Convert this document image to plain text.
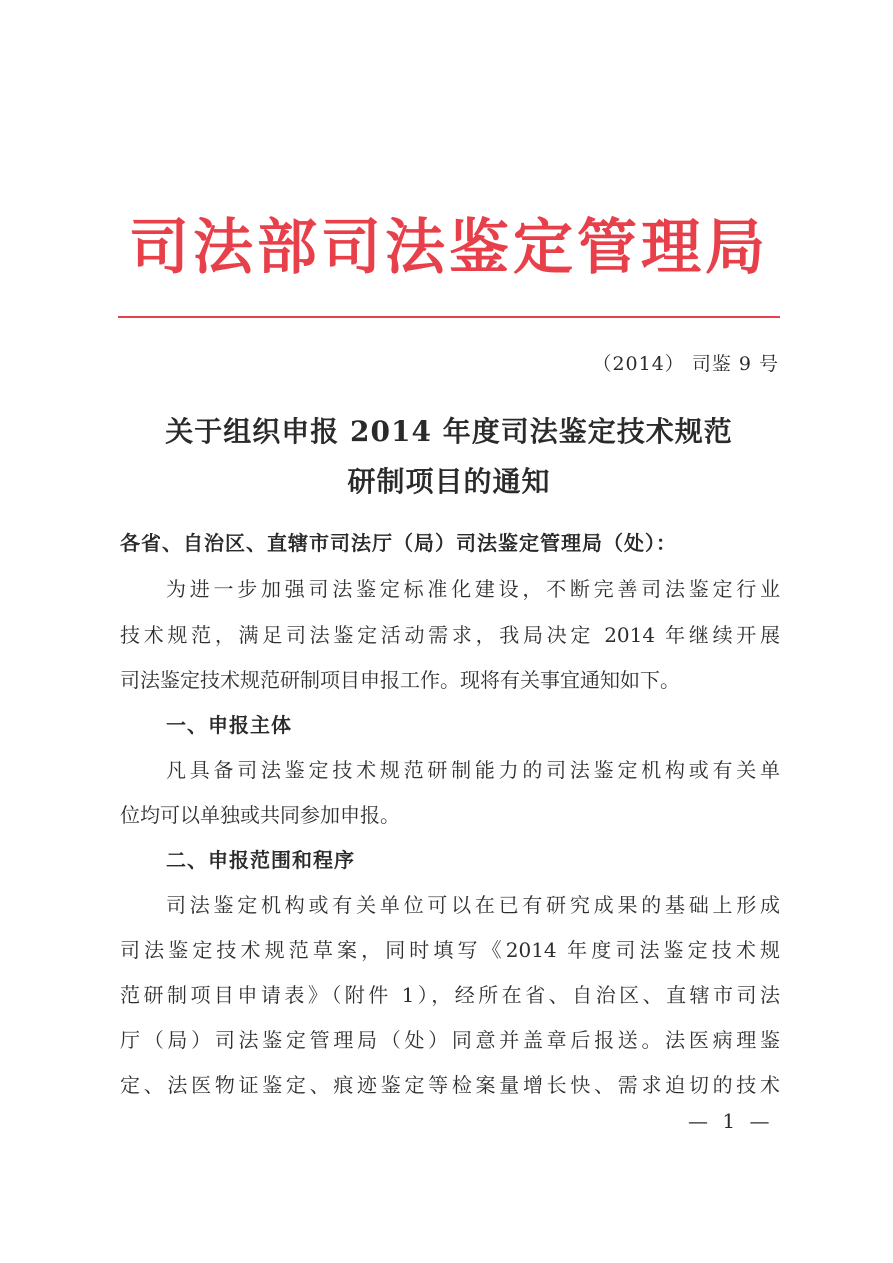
司法部司法鉴定管理局
（2014） 司鉴 9 号
关于组织申报 2014 年度司法鉴定技术规范
研制项目的通知
各省、自治区、直辖市司法厅（局）司法鉴定管理局（处）：
为进一步加强司法鉴定标准化建设，不断完善司法鉴定行业
技术规范，满足司法鉴定活动需求，我局决定 2014 年继续开展
司法鉴定技术规范研制项目申报工作。现将有关事宜通知如下。
一、申报主体
凡具备司法鉴定技术规范研制能力的司法鉴定机构或有关单
位均可以单独或共同参加申报。
二、申报范围和程序
司法鉴定机构或有关单位可以在已有研究成果的基础上形成
司法鉴定技术规范草案，同时填写《2014 年度司法鉴定技术规
范研制项目申请表》（附件 1），经所在省、自治区、直辖市司法
厅（局）司法鉴定管理局（处）同意并盖章后报送。法医病理鉴
定、法医物证鉴定、痕迹鉴定等检案量增长快、需求迫切的技术
— 1 —
